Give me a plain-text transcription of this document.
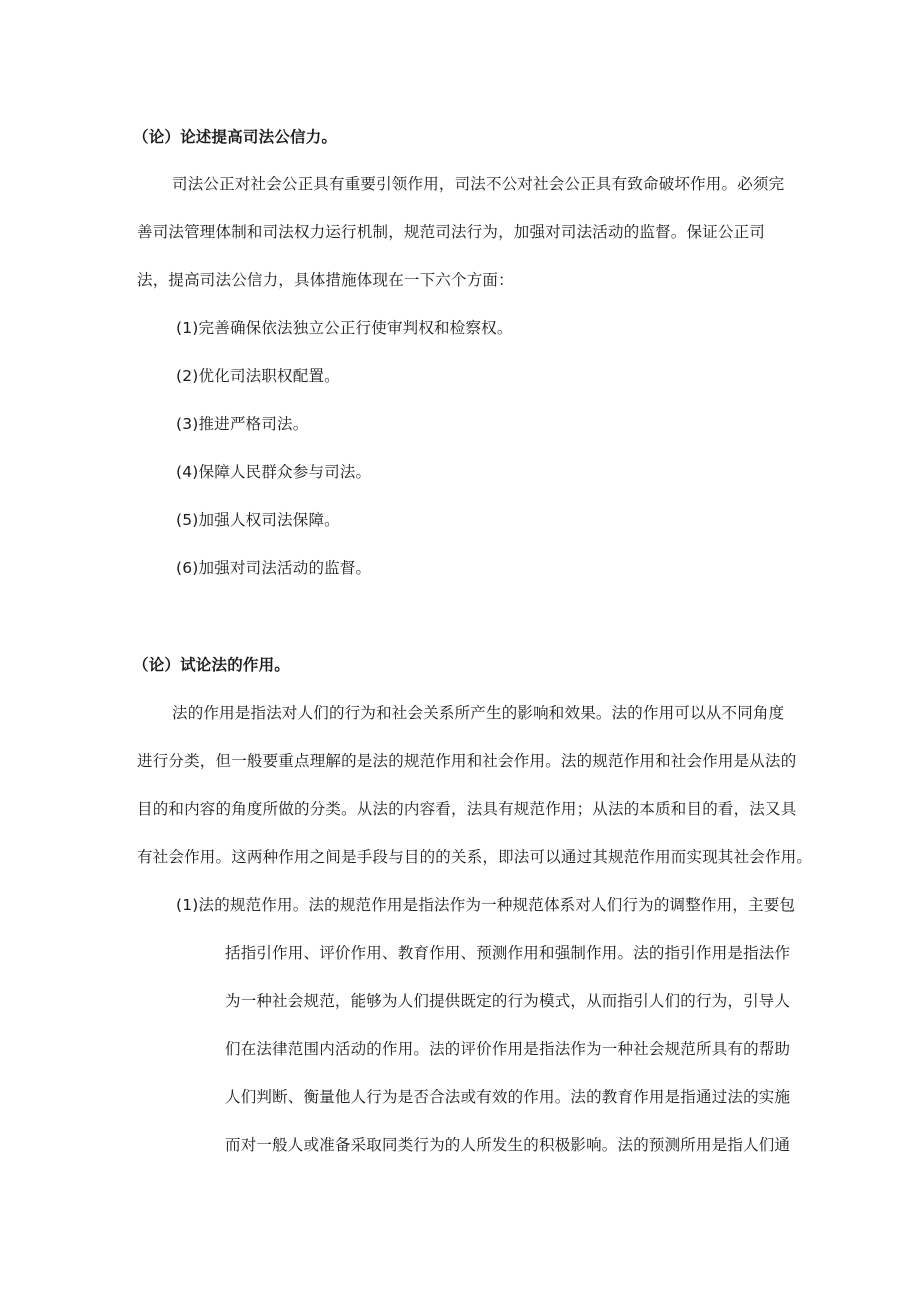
（论）论述提高司法公信力。
司法公正对社会公正具有重要引领作用，司法不公对社会公正具有致命破坏作用。必须完
善司法管理体制和司法权力运行机制，规范司法行为，加强对司法活动的监督。保证公正司
法，提高司法公信力，具体措施体现在一下六个方面：
(1)完善确保依法独立公正行使审判权和检察权。
(2)优化司法职权配置。
(3)推进严格司法。
(4)保障人民群众参与司法。
(5)加强人权司法保障。
(6)加强对司法活动的监督。
（论）试论法的作用。
法的作用是指法对人们的行为和社会关系所产生的影响和效果。法的作用可以从不同角度
进行分类，但一般要重点理解的是法的规范作用和社会作用。法的规范作用和社会作用是从法的
目的和内容的角度所做的分类。从法的内容看，法具有规范作用；从法的本质和目的看，法又具
有社会作用。这两种作用之间是手段与目的的关系，即法可以通过其规范作用而实现其社会作用。
(1)法的规范作用。法的规范作用是指法作为一种规范体系对人们行为的调整作用，主要包
括指引作用、评价作用、教育作用、预测作用和强制作用。法的指引作用是指法作
为一种社会规范，能够为人们提供既定的行为模式，从而指引人们的行为，引导人
们在法律范围内活动的作用。法的评价作用是指法作为一种社会规范所具有的帮助
人们判断、衡量他人行为是否合法或有效的作用。法的教育作用是指通过法的实施
而对一般人或准备采取同类行为的人所发生的积极影响。法的预测所用是指人们通
